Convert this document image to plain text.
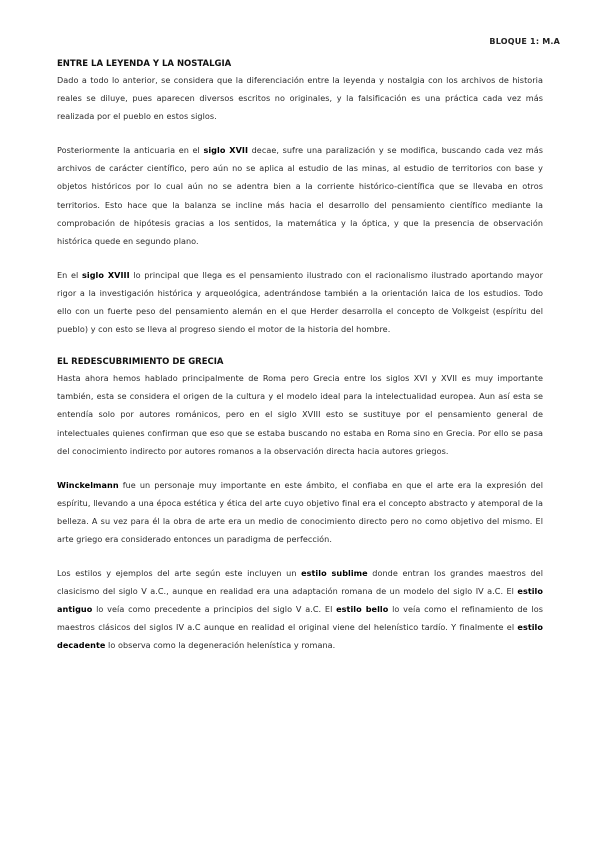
BLOQUE 1: M.A
ENTRE LA LEYENDA Y LA NOSTALGIA

Dado a todo lo anterior, se considera que la diferenciación entre la leyenda y nostalgia con los archivos de historia reales se diluye, pues aparecen diversos escritos no originales, y la falsificación es una práctica cada vez más realizada por el pueblo en estos siglos.

Posteriormente la anticuaria en el siglo XVII decae, sufre una paralización y se modifica, buscando cada vez más archivos de carácter científico, pero aún no se aplica al estudio de las minas, al estudio de territorios con base y objetos históricos por lo cual aún no se adentra bien a la corriente histórico-científica que se llevaba en otros territorios. Esto hace que la balanza se incline más hacia el desarrollo del pensamiento científico mediante la comprobación de hipótesis gracias a los sentidos, la matemática y la óptica, y que la presencia de observación histórica quede en segundo plano.

En el siglo XVIII lo principal que llega es el pensamiento ilustrado con el racionalismo ilustrado aportando mayor rigor a la investigación histórica y arqueológica, adentrándose también a la orientación laica de los estudios. Todo ello con un fuerte peso del pensamiento alemán en el que Herder desarrolla el concepto de Volkgeist (espíritu del pueblo) y con esto se lleva al progreso siendo el motor de la historia del hombre.

EL REDESCUBRIMIENTO DE GRECIA

Hasta ahora hemos hablado principalmente de Roma pero Grecia entre los siglos XVI y XVII es muy importante también, esta se considera el origen de la cultura y el modelo ideal para la intelectualidad europea. Aun así esta se entendía solo por autores románicos, pero en el siglo XVIII esto se sustituye por el pensamiento general de intelectuales quienes confirman que eso que se estaba buscando no estaba en Roma sino en Grecia. Por ello se pasa del conocimiento indirecto por autores romanos a la observación directa hacia autores griegos.

Winckelmann fue un personaje muy importante en este ámbito, el confiaba en que el arte era la expresión del espíritu, llevando a una época estética y ética del arte cuyo objetivo final era el concepto abstracto y atemporal de la belleza. A su vez para él la obra de arte era un medio de conocimiento directo pero no como objetivo del mismo. El arte griego era considerado entonces un paradigma de perfección.

Los estilos y ejemplos del arte según este incluyen un estilo sublime donde entran los grandes maestros del clasicismo del siglo V a.C., aunque en realidad era una adaptación romana de un modelo del siglo IV a.C. El estilo antiguo lo veía como precedente a principios del siglo V a.C. El estilo bello lo veía como el refinamiento de los maestros clásicos del siglos IV a.C aunque en realidad el original viene del helenístico tardío. Y finalmente el estilo decadente lo observa como la degeneración helenística y romana.
